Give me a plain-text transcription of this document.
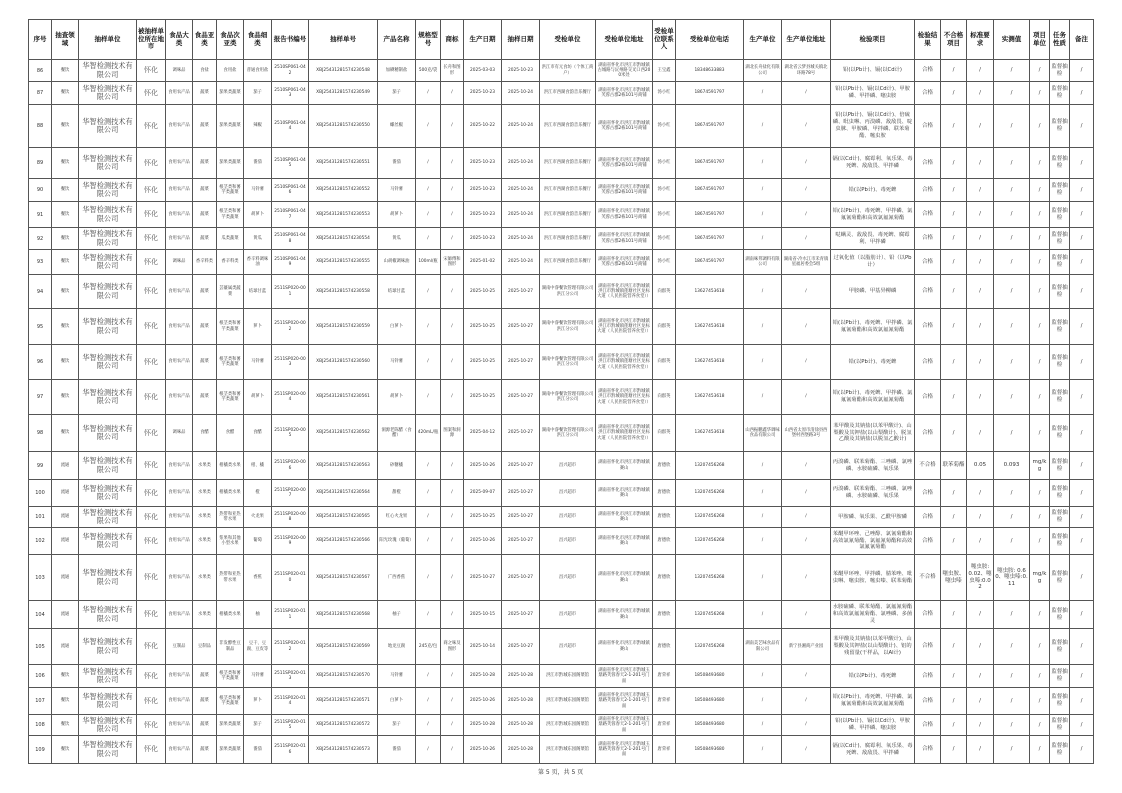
序号	抽查领域	抽样单位	被抽样单位所在地市	食品大类	食品亚类	食品次亚类	食品细类	报告书编号	抽样单号	产品名称	规格型号	商标	生产日期	抽样日期	受检单位	受检单位地址	受检单位联系人	受检单位电话	生产单位	生产单位地址	检验项目	检验结果	不合格项目	标准要求	实测值	项目单位	任务性质	备注
86	餐饮	华智检测技术有限公司	怀化	调味品	食盐	食用盐	普通食用盐	2510SP061-042	XBJ25431281574230548	加碘精制盐	500克/袋	长舟和图形	2025-03-03	2025-10-23	洪江市有元食坊（个体工商户）	湖南省怀化市洪江市黔城镇古城路与沅州路交叉口西200米处	王宝鑫	18348633883	湖北长舟盐化有限公司	湖北省云梦县城关镇北环路78号	铅(以Pb计)、镉(以Cd计)	合格	/	/	/	/	监督抽检	/
87	餐饮	华智检测技术有限公司	怀化	食用农产品	蔬菜	茄果类蔬菜	茄子	2510SP061-043	XBJ25431281574230549	茄子	/	/	2025-10-23	2025-10-24	洪江市西湖食韵音乐餐厅	湖南省怀化市洪江市黔城镇芙蓉古郡2栋101号商铺	汤小红	18674591797	/	/	铅(以Pb计)、镉(以Cd计)、甲胺磷、甲拌磷、噻虫胺	合格	/	/	/	/	监督抽检	/
88	餐饮	华智检测技术有限公司	怀化	食用农产品	蔬菜	茄果类蔬菜	辣椒	2510SP061-044	XBJ25431281574230550	螺丝椒	/	/	2025-10-22	2025-10-24	洪江市西湖食韵音乐餐厅	湖南省怀化市洪江市黔城镇芙蓉古郡2栋101号商铺	汤小红	18674591797	/	/	铅(以Pb计)、镉(以Cd计)、倍硫磷、吡虫啉、丙溴磷、敌敌畏、啶虫脒、甲胺磷、甲拌磷、联苯菊酯、噻虫胺	合格	/	/	/	/	监督抽检	/
89	餐饮	华智检测技术有限公司	怀化	食用农产品	蔬菜	茄果类蔬菜	番茄	2510SP061-045	XBJ25431281574230551	番茄	/	/	2025-10-23	2025-10-24	洪江市西湖食韵音乐餐厅	湖南省怀化市洪江市黔城镇芙蓉古郡2栋101号商铺	汤小红	18674591797	/	/	镉(以Cd计)、腐霉利、氧乐果、毒死蜱、敌敌畏、甲拌磷	合格	/	/	/	/	监督抽检	/
90	餐饮	华智检测技术有限公司	怀化	食用农产品	蔬菜	根茎类和薯芋类蔬菜	马铃薯	2510SP061-046	XBJ25431281574230552	马铃薯	/	/	2025-10-23	2025-10-24	洪江市西湖食韵音乐餐厅	湖南省怀化市洪江市黔城镇芙蓉古郡2栋101号商铺	汤小红	18674591797	/	/	铅(以Pb计)、毒死蜱	合格	/	/	/	/	监督抽检	/
91	餐饮	华智检测技术有限公司	怀化	食用农产品	蔬菜	根茎类和薯芋类蔬菜	胡萝卜	2510SP061-047	XBJ25431281574230553	胡萝卜	/	/	2025-10-23	2025-10-24	洪江市西湖食韵音乐餐厅	湖南省怀化市洪江市黔城镇芙蓉古郡2栋101号商铺	汤小红	18674591797	/	/	铅(以Pb计)、毒死蜱、甲拌磷、氯氟氰菊酯和高效氯氟氰菊酯	合格	/	/	/	/	监督抽检	/
92	餐饮	华智检测技术有限公司	怀化	食用农产品	蔬菜	瓜类蔬菜	黄瓜	2510SP061-048	XBJ25431281574230554	黄瓜	/	/	2025-10-23	2025-10-24	洪江市西湖食韵音乐餐厅	湖南省怀化市洪江市黔城镇芙蓉古郡2栋101号商铺	汤小红	18674591797	/	/	哒螨灵、敌敌畏、毒死蜱、腐霉利、甲拌磷	合格	/	/	/	/	监督抽检	/
93	餐饮	华智检测技术有限公司	怀化	调味品	香辛料类	香辛料类	香辛料调味油	2510SP061-049	XBJ25431281574230555	山胡椒调味油	100ml/瓶	宋師傅和图形	2025-01-02	2025-10-24	洪江市西湖食韵音乐餐厅	湖南省怀化市洪江市黔城镇芙蓉古郡2栋101号商铺	汤小红	18674591797	湖南味邦调料有限公司	湖南省-冷水江市禾青镇星福居委会5组	过氧化值（以脂肪计）、铅（以Pb计）	合格	/	/	/	/	监督抽检	/
94	餐饮	华智检测技术有限公司	怀化	食用农产品	蔬菜	芸薹属类蔬菜	结球甘蓝	2511SP020-001	XBJ25431281574230558	结球甘蓝	/	/	2025-10-25	2025-10-27	湖南中睿餐饮管理有限公司洪江分公司	湖南省怀化市洪江市黔城镇洪江市黔城镇莲塘社区龙标大道（人民医院营养食堂））	向群英	13627453618	/	/	甲胺磷、甲基异柳磷	合格	/	/	/	/	监督抽检	/
95	餐饮	华智检测技术有限公司	怀化	食用农产品	蔬菜	根茎类和薯芋类蔬菜	萝卜	2511SP020-002	XBJ25431281574230559	白萝卜	/	/	2025-10-25	2025-10-27	湖南中睿餐饮管理有限公司洪江分公司	湖南省怀化市洪江市黔城镇洪江市黔城镇莲塘社区龙标大道（人民医院营养食堂））	向群英	13627453618	/	/	铅(以Pb计)、毒死蜱、甲拌磷、氯氟氰菊酯和高效氯氟氰菊酯	合格	/	/	/	/	监督抽检	/
96	餐饮	华智检测技术有限公司	怀化	食用农产品	蔬菜	根茎类和薯芋类蔬菜	马铃薯	2511SP020-003	XBJ25431281574230560	马铃薯	/	/	2025-10-25	2025-10-27	湖南中睿餐饮管理有限公司洪江分公司	湖南省怀化市洪江市黔城镇洪江市黔城镇莲塘社区龙标大道（人民医院营养食堂））	向群英	13627453618	/	/	铅(以Pb计)、毒死蜱	合格	/	/	/	/	监督抽检	/
97	餐饮	华智检测技术有限公司	怀化	食用农产品	蔬菜	根茎类和薯芋类蔬菜	胡萝卜	2511SP020-004	XBJ25431281574230561	胡萝卜	/	/	2025-10-25	2025-10-27	湖南中睿餐饮管理有限公司洪江分公司	湖南省怀化市洪江市黔城镇洪江市黔城镇莲塘社区龙标大道（人民医院营养食堂））	向群英	13627453618	/	/	铅(以Pb计)、毒死蜱、甲拌磷、氯氟氰菊酯和高效氯氟氰菊酯	合格	/	/	/	/	监督抽检	/
98	餐饮	华智检测技术有限公司	怀化	调味品	食醋	食醋	食醋	2511SP020-005	XBJ25431281574230562	洞源老陈醋（食醋）	420mL/瓶	图案和洞源	2025-04-12	2025-10-27	湖南中睿餐饮管理有限公司洪江分公司	湖南省怀化市洪江市黔城镇洪江市黔城镇莲塘社区龙标大道（人民医院营养食堂））	向群英	13627453618	山西振鹏鑫华调味食品有限公司	山西省太原市清徐县西堡村西堡路3号	苯甲酸及其钠盐(以苯甲酸计)、山梨酸及其钾盐(以山梨酸计)、脱氢乙酸及其钠盐(以脱氢乙酸计)	合格	/	/	/	/	监督抽检	/
99	流通	华智检测技术有限公司	怀化	食用农产品	水果类	柑橘类水果	柑、橘	2511SP020-006	XBJ25431281574230563	砂糖橘	/	/	2025-10-26	2025-10-27	昌兴超市	湖南省怀化市洪江市黔城镇赛山	唐德欣	13207456268	/	/	丙溴磷、联苯菊酯、三唑磷、氯唑磷、水胺硫磷、氧乐果	不合格	联苯菊酯	0.05	0.093	mg/kg	监督抽检	/
100	流通	华智检测技术有限公司	怀化	食用农产品	水果类	柑橘类水果	橙	2511SP020-007	XBJ25431281574230564	甜橙	/	/	2025-09-07	2025-10-27	昌兴超市	湖南省怀化市洪江市黔城镇赛山	唐德欣	13207456268	/	/	丙溴磷、联苯菊酯、三唑磷、氯唑磷、水胺硫磷、氧乐果	合格	/	/	/	/	监督抽检	/
101	流通	华智检测技术有限公司	怀化	食用农产品	水果类	热带和亚热带水果	火龙果	2511SP020-008	XBJ25431281574230565	红心火龙果	/	/	2025-10-25	2025-10-27	昌兴超市	湖南省怀化市洪江市黔城镇赛山	唐德欣	13207456268	/	/	甲胺磷、氧乐果、乙酰甲胺磷	合格	/	/	/	/	监督抽检	/
102	流通	华智检测技术有限公司	怀化	食用农产品	水果类	浆果和其他小型水果	葡萄	2511SP020-009	XBJ25431281574230566	阳光玫瑰（葡萄）	/	/	2025-10-26	2025-10-27	昌兴超市	湖南省怀化市洪江市黔城镇赛山	唐德欣	13207456268	/	/	苯醚甲环唑、己唑醇、氯氰菊酯和高效氯氰菊酯、氯氟氰菊酯和高效氯氟氰菊酯	合格	/	/	/	/	监督抽检	/
103	流通	华智检测技术有限公司	怀化	食用农产品	水果类	热带和亚热带水果	香蕉	2511SP020-010	XBJ25431281574230567	广西香蕉	/	/	2025-10-27	2025-10-27	昌兴超市	湖南省怀化市洪江市黔城镇赛山	唐德欣	13207456268	/	/	苯醚甲环唑、甲拌磷、腈苯唑、吡虫啉、噻虫胺、噻虫嗪、联苯菊酯	不合格	噻虫胺、噻虫嗪	噻虫胺: 0.02、噻虫嗪:0.02	噻虫胺: 0.60、噻虫嗪:0.11	mg/kg	监督抽检	/
104	流通	华智检测技术有限公司	怀化	食用农产品	水果类	柑橘类水果	柚	2511SP020-011	XBJ25431281574230568	柚子	/	/	2025-10-15	2025-10-27	昌兴超市	湖南省怀化市洪江市黔城镇赛山	唐德欣	13207456268	/	/	水胺硫磷、联苯菊酯、氯氟氰菊酯和高效氯氟氰菊酯、氯唑磷、多菌灵	合格	/	/	/	/	监督抽检	/
105	流通	华智检测技术有限公司	怀化	豆制品	豆制品	非发酵性豆制品	豆干、豆腐、豆皮等	2511SP020-012	XBJ25431281574230569	地龙豆腐	245克/包	商之味及图形	2025-10-14	2025-10-27	昌兴超市	湖南省怀化市洪江市黔城镇赛山	唐德欣	13207456268	湖南美艺味食品有限公司	新宁县湘商产业园	苯甲酸及其钠盐(以苯甲酸计)、山梨酸及其钾盐(以山梨酸计)、铝的残留量(干样品，以Al计)	合格	/	/	/	/	监督抽检	/
106	餐饮	华智检测技术有限公司	怀化	食用农产品	蔬菜	根茎类和薯芋类蔬菜	马铃薯	2511SP020-013	XBJ25431281574230570	马铃薯	/	/	2025-10-28	2025-10-28	洪江市黔城东园阁菜馆	湖南省怀化市洪江市黔城玉鼎路芙蓉春天2-1-201号门面	唐荣祥	18508493680	/	/	铅(以Pb计)、毒死蜱	合格	/	/	/	/	监督抽检	/
107	餐饮	华智检测技术有限公司	怀化	食用农产品	蔬菜	根茎类和薯芋类蔬菜	萝卜	2511SP020-014	XBJ25431281574230571	白萝卜	/	/	2025-10-26	2025-10-28	洪江市黔城东园阁菜馆	湖南省怀化市洪江市黔城玉鼎路芙蓉春天2-1-201号门面	唐荣祥	18508493680	/	/	铅(以Pb计)、毒死蜱、甲拌磷、氯氟氰菊酯和高效氯氟氰菊酯	合格	/	/	/	/	监督抽检	/
108	餐饮	华智检测技术有限公司	怀化	食用农产品	蔬菜	茄果类蔬菜	茄子	2511SP020-015	XBJ25431281574230572	茄子	/	/	2025-10-28	2025-10-28	洪江市黔城东园阁菜馆	湖南省怀化市洪江市黔城玉鼎路芙蓉春天2-1-201号门面	唐荣祥	18508493680	/	/	铅(以Pb计)、镉(以Cd计)、甲胺磷、甲拌磷、噻虫胺	合格	/	/	/	/	监督抽检	/
109	餐饮	华智检测技术有限公司	怀化	食用农产品	蔬菜	茄果类蔬菜	番茄	2511SP020-016	XBJ25431281574230573	番茄	/	/	2025-10-26	2025-10-28	洪江市黔城东园阁菜馆	湖南省怀化市洪江市黔城玉鼎路芙蓉春天2-1-201号门面	唐荣祥	18508493680	/	/	镉(以Cd计)、腐霉利、氧乐果、毒死蜱、敌敌畏、甲拌磷	合格	/	/	/	/	监督抽检	/
第 5 页，共 5 页
